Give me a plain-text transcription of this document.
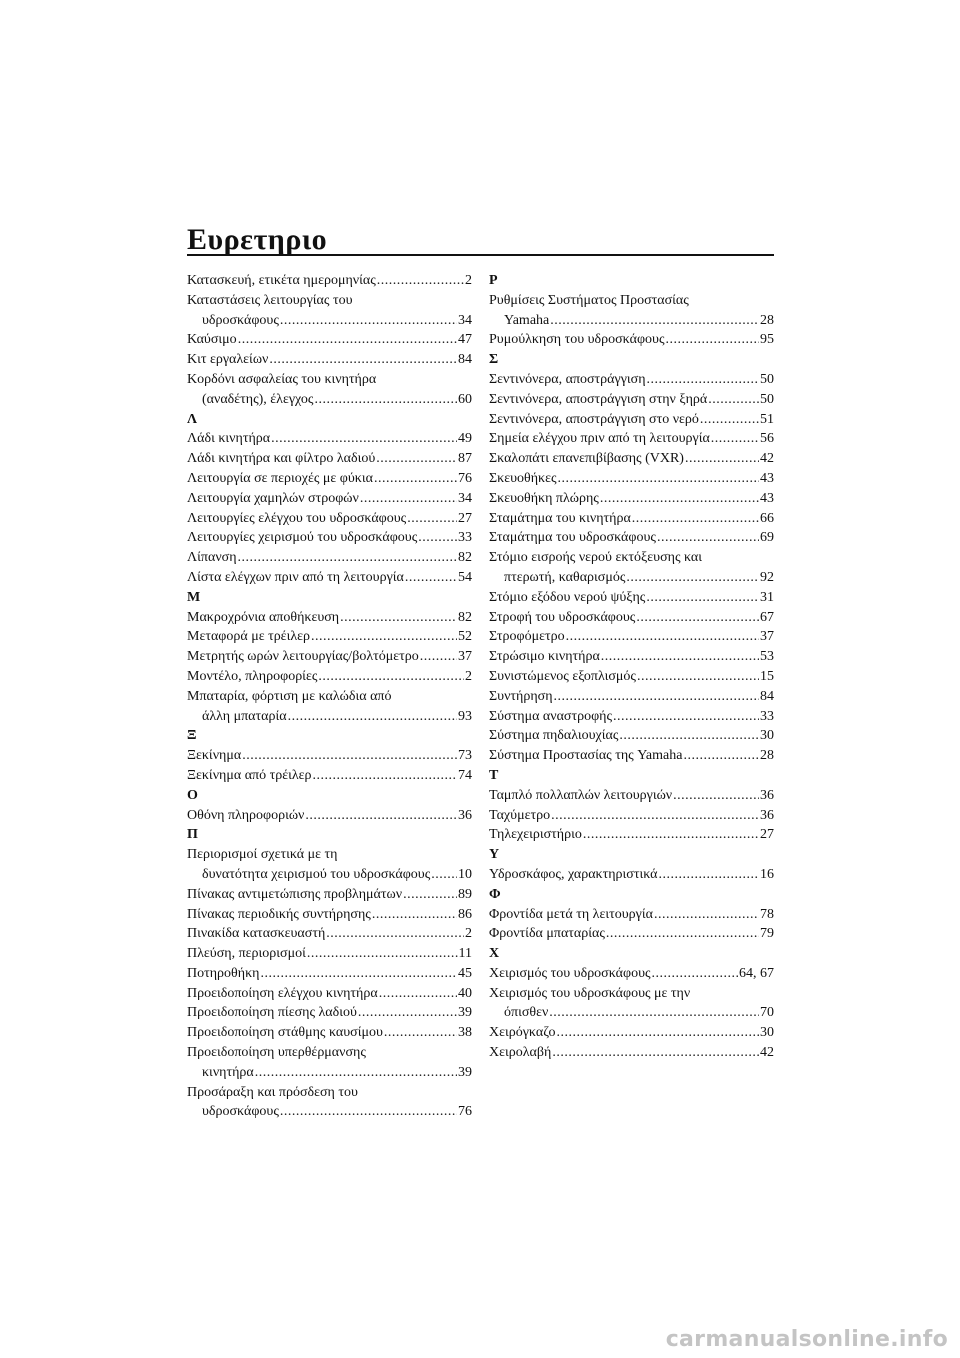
Ευρετηριο
Κατασκευή, ετικέτα ημερομηνίας .....	2
Καταστάσεις λειτουργίας του
υδροσκάφους .....	34
Καύσιμο .....	47
Κιτ εργαλείων .....	84
Κορδόνι ασφαλείας του κινητήρα
(αναδέτης), έλεγχος .....	60
Λ
Λάδι κινητήρα .....	49
Λάδι κινητήρα και φίλτρο λαδιού .....	87
Λειτουργία σε περιοχές με φύκια .....	76
Λειτουργία χαμηλών στροφών .....	34
Λειτουργίες ελέγχου του υδροσκάφους .....	27
Λειτουργίες χειρισμού του υδροσκάφους .....	33
Λίπανση .....	82
Λίστα ελέγχων πριν από τη λειτουργία .....	54
Μ
Μακροχρόνια αποθήκευση .....	82
Μεταφορά με τρέιλερ .....	52
Μετρητής ωρών λειτουργίας/βολτόμετρο .....	37
Μοντέλο, πληροφορίες .....	2
Μπαταρία, φόρτιση με καλώδια από
άλλη μπαταρία .....	93
Ξ
Ξεκίνημα .....	73
Ξεκίνημα από τρέιλερ .....	74
Ο
Οθόνη πληροφοριών .....	36
Π
Περιορισμοί σχετικά με τη
δυνατότητα χειρισμού του υδροσκάφους ..... 10
Πίνακας αντιμετώπισης προβλημάτων .....	89
Πίνακας περιοδικής συντήρησης .....	86
Πινακίδα κατασκευαστή .....	2
Πλεύση, περιορισμοί .....	11
Ποτηροθήκη .....	45
Προειδοποίηση ελέγχου κινητήρα .....	40
Προειδοποίηση πίεσης λαδιού .....	39
Προειδοποίηση στάθμης καυσίμου .....	38
Προειδοποίηση υπερθέρμανσης
κινητήρα .....	39
Προσάραξη και πρόσδεση του
υδροσκάφους .....	76
Ρ
Ρυθμίσεις Συστήματος Προστασίας
Yamaha .....	28
Ρυμούλκηση του υδροσκάφους .....	95
Σ
Σεντινόνερα, αποστράγγιση .....	50
Σεντινόνερα, αποστράγγιση στην ξηρά .....	50
Σεντινόνερα, αποστράγγιση στο νερό .....	51
Σημεία ελέγχου πριν από τη λειτουργία .....	56
Σκαλοπάτι επανεπιβίβασης (VXR) .....	42
Σκευοθήκες .....	43
Σκευοθήκη πλώρης .....	43
Σταμάτημα του κινητήρα .....	66
Σταμάτημα του υδροσκάφους .....	69
Στόμιο εισροής νερού εκτόξευσης και
πτερωτή, καθαρισμός .....	92
Στόμιο εξόδου νερού ψύξης .....	31
Στροφή του υδροσκάφους .....	67
Στροφόμετρο .....	37
Στρώσιμο κινητήρα .....	53
Συνιστώμενος εξοπλισμός .....	15
Συντήρηση .....	84
Σύστημα αναστροφής .....	33
Σύστημα πηδαλιουχίας .....	30
Σύστημα Προστασίας της Yamaha .....	28
Τ
Ταμπλό πολλαπλών λειτουργιών .....	36
Ταχύμετρο .....	36
Τηλεχειριστήριο .....	27
Υ
Υδροσκάφος, χαρακτηριστικά .....	16
Φ
Φροντίδα μετά τη λειτουργία .....	78
Φροντίδα μπαταρίας .....	79
Χ
Χειρισμός του υδροσκάφους .....	64, 67
Χειρισμός του υδροσκάφους με την
όπισθεν .....	70
Χειρόγκαζο .....	30
Χειρολαβή .....	42
carmanualsonline.info
